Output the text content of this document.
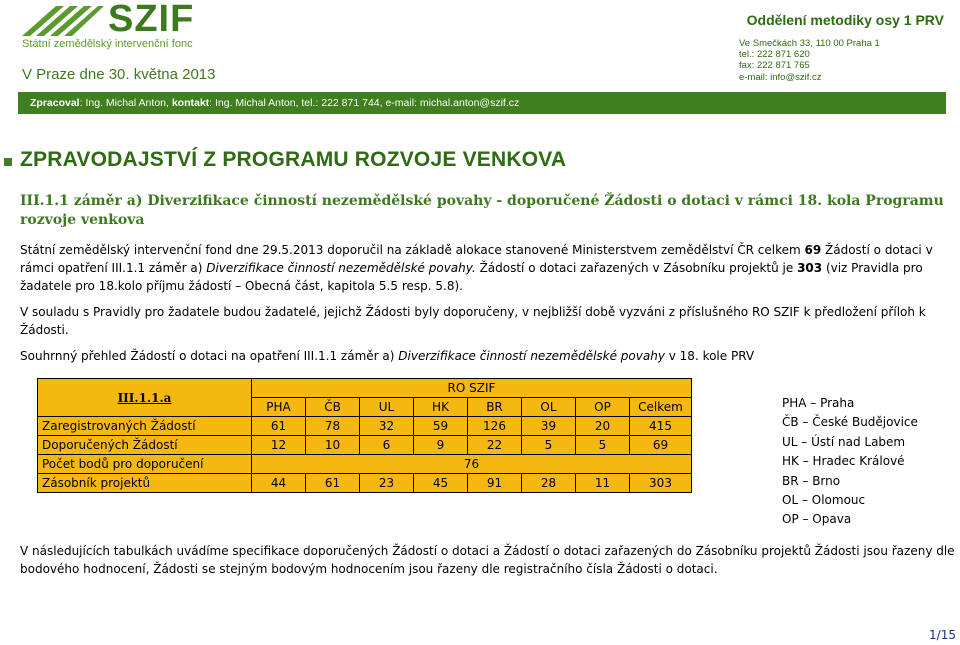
SZIF
Státní zemědělský intervenční fonc
V Praze dne 30. května 2013
Oddělení metodiky osy 1 PRV
Ve Smečkách 33, 110 00 Praha 1
tel.: 222 871 620
fax: 222 871 765
e-mail: info@szif.cz
Zpracoval: Ing. Michal Anton, kontakt: Ing. Michal Anton, tel.: 222 871 744, e-mail: michal.anton@szif.cz
ZPRAVODAJSTVÍ Z PROGRAMU ROZVOJE VENKOVA
III.1.1 záměr a) Diverzifikace činností nezemědělské povahy - doporučené Žádosti o dotaci v rámci 18. kola Programu rozvoje venkova
Státní zemědělský intervenční fond dne 29.5.2013 doporučil na základě alokace stanovené Ministerstvem zemědělství ČR celkem 69 Žádostí o dotaci v rámci opatření III.1.1 záměr a) Diverzifikace činností nezemědělské povahy. Žádostí o dotaci zařazených v Zásobníku projektů je 303 (viz Pravidla pro žadatele pro 18.kolo příjmu žádostí – Obecná část, kapitola 5.5 resp. 5.8).
V souladu s Pravidly pro žadatele budou žadatelé, jejichž Žádosti byly doporučeny, v nejbližší době vyzváni z příslušného RO SZIF k předložení příloh k Žádosti.
Souhrnný přehled Žádostí o dotaci na opatření III.1.1 záměr a) Diverzifikace činností nezemědělské povahy v 18. kole PRV
III.1.1.a	RO SZIF							
	PHA	ČB	UL	HK	BR	OL	OP	Celkem
Zaregistrovaných Žádostí	61	78	32	59	126	39	20	415
Doporučených Žádostí	12	10	6	9	22	5	5	69
Počet bodů pro doporučení	76							
Zásobník projektů	44	61	23	45	91	28	11	303
PHA – Praha
ČB – České Budějovice
UL – Ústí nad Labem
HK – Hradec Králové
BR – Brno
OL – Olomouc
OP – Opava
V následujících tabulkách uvádíme specifikace doporučených Žádostí o dotaci a Žádostí o dotaci zařazených do Zásobníku projektů Žádosti jsou řazeny dle bodového hodnocení, Žádosti se stejným bodovým hodnocením jsou řazeny dle registračního čísla Žádosti o dotaci.
1/15
